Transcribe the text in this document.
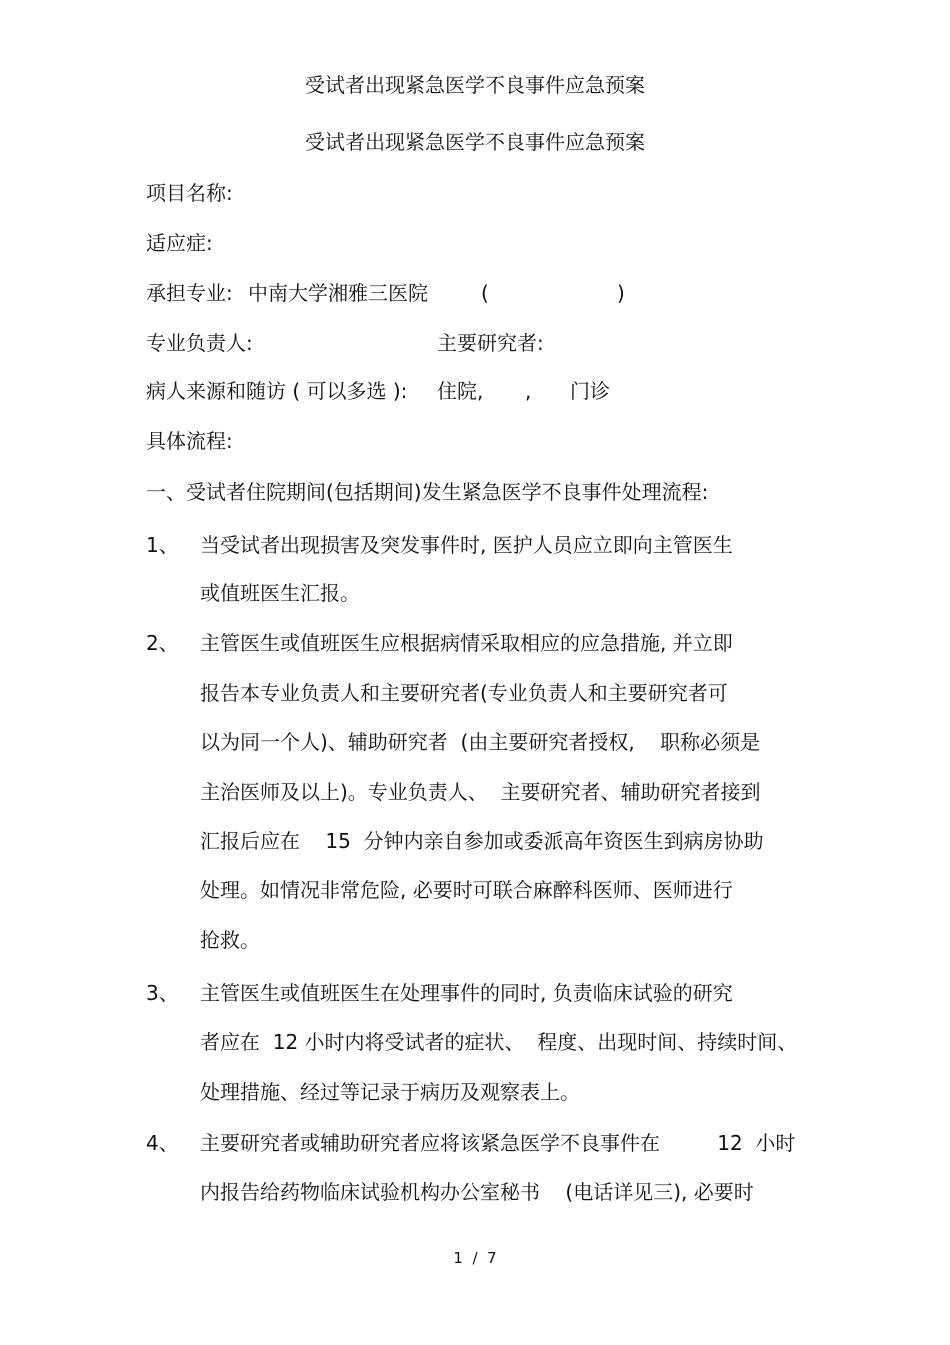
受试者出现紧急医学不良事件应急预案
受试者出现紧急医学不良事件应急预案
项目名称:
适应症:
承担专业: 中南大学湘雅三医院	(	)
专业负责人:	主要研究者:
病人来源和随访 ( 可以多选 ): 住院, , 门诊
具体流程:
一、受试者住院期间(包括期间)发生紧急医学不良事件处理流程:
1、 当受试者出现损害及突发事件时, 医护人员应立即向主管医生
或值班医生汇报。
2、 主管医生或值班医生应根据病情采取相应的应急措施, 并立即
报告本专业负责人和主要研究者(专业负责人和主要研究者可
以为同一个人)、辅助研究者  (由主要研究者授权,    职称必须是
主治医师及以上)。专业负责人、  主要研究者、辅助研究者接到
汇报后应在    15  分钟内亲自参加或委派高年资医生到病房协助
处理。如情况非常危险, 必要时可联合麻醉科医师、医师进行
抢救。
3、 主管医生或值班医生在处理事件的同时, 负责临床试验的研究
者应在  12 小时内将受试者的症状、  程度、出现时间、持续时间、
处理措施、经过等记录于病历及观察表上。
4、 主要研究者或辅助研究者应将该紧急医学不良事件在         12  小时
内报告给药物临床试验机构办公室秘书    (电话详见三), 必要时
1  /  7
